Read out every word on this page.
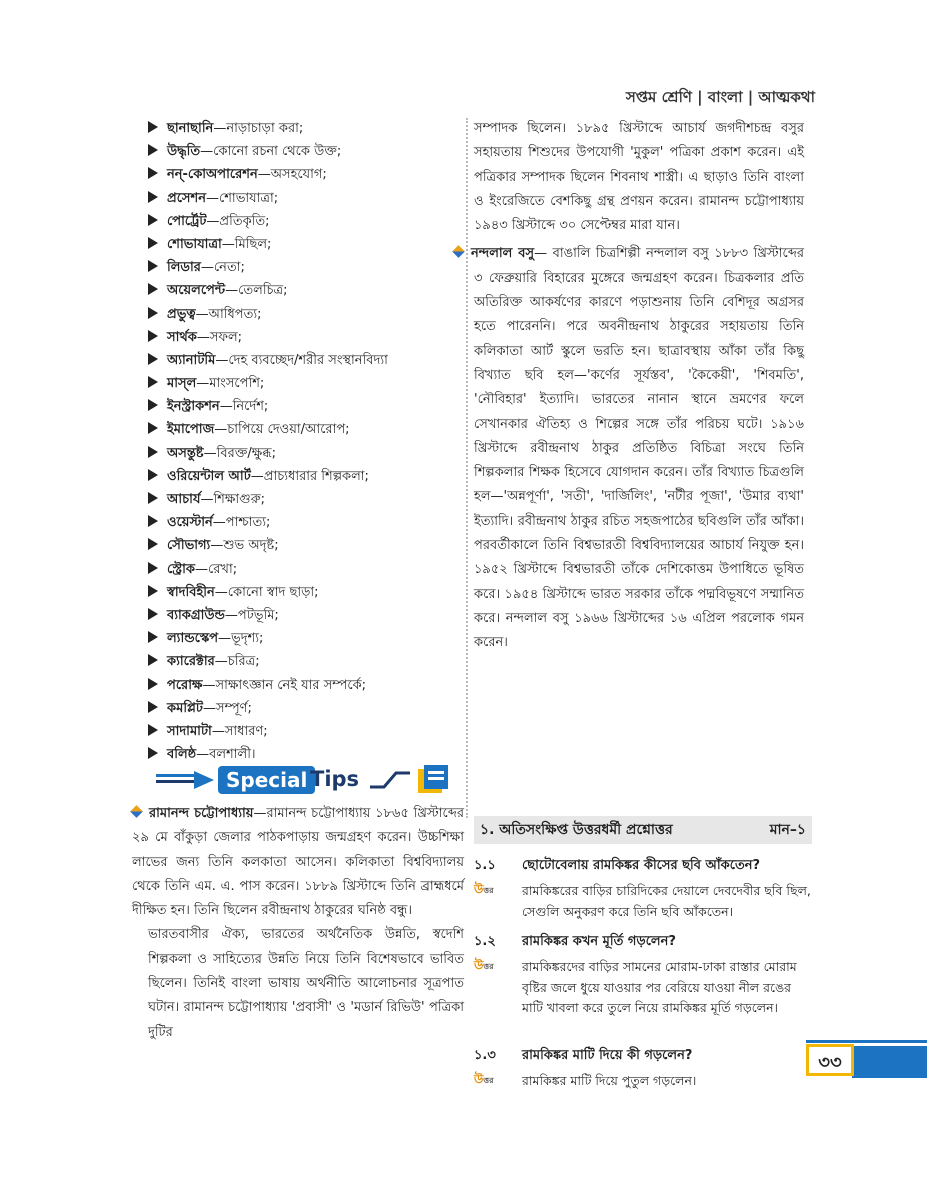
সপ্তম শ্রেণি | বাংলা | আত্মকথা
ছানাছানি—নাড়াচাড়া করা;
উদ্ধৃতি—কোনো রচনা থেকে উক্ত;
নন্-কোঅপারেশন—অসহযোগ;
প্রসেশন—শোভাযাত্রা;
পোর্ট্রেট—প্রতিকৃতি;
শোভাযাত্রা—মিছিল;
লিডার—নেতা;
অয়েলপেন্ট—তেলচিত্র;
প্রভুত্ব—আধিপত্য;
সার্থক—সফল;
অ্যানাটমি—দেহ ব্যবচ্ছেদ/শরীর সংস্থানবিদ্যা
মাস্‌ল—মাংসপেশি;
ইনস্ট্রাকশন—নির্দেশ;
ইমাপোজ—চাপিয়ে দেওয়া/আরোপ;
অসন্তুষ্ট—বিরক্ত/ক্ষুব্ধ;
ওরিয়েন্টাল আর্ট—প্রাচ্যধারার শিল্পকলা;
আচার্য—শিক্ষাগুরু;
ওয়েস্টার্ন—পাশ্চাত্য;
সৌভাগ্য—শুভ অদৃষ্ট;
স্ট্রোক—রেখা;
স্বাদবিহীন—কোনো স্বাদ ছাড়া;
ব্যাকগ্রাউন্ড—পটভূমি;
ল্যান্ডস্কেপ—ভূদৃশ্য;
ক্যারেক্টার—চরিত্র;
পরোক্ষ—সাক্ষাৎজ্ঞান নেই যার সম্পর্কে;
কমপ্লিট—সম্পূর্ণ;
সাদামাটা—সাধারণ;
বলিষ্ঠ—বলশালী।
Special Tips

রামানন্দ চট্টোপাধ্যায়—রামানন্দ চট্টোপাধ্যায় ১৮৬৫ খ্রিস্টাব্দের ২৯ মে বাঁকুড়া জেলার পাঠকপাড়ায় জন্মগ্রহণ করেন। উচ্চশিক্ষা লাভের জন্য তিনি কলকাতা আসেন। কলিকাতা বিশ্ববিদ্যালয় থেকে তিনি এম. এ. পাস করেন। ১৮৮৯ খ্রিস্টাব্দে তিনি ব্রাহ্মধর্মে দীক্ষিত হন। তিনি ছিলেন রবীন্দ্রনাথ ঠাকুরের ঘনিষ্ঠ বন্ধু।

ভারতবাসীর ঐক্য, ভারতের অর্থনৈতিক উন্নতি, স্বদেশি শিল্পকলা ও সাহিত্যের উন্নতি নিয়ে তিনি বিশেষভাবে ভাবিত ছিলেন। তিনিই বাংলা ভাষায় অর্থনীতি আলোচনার সূত্রপাত ঘটান। রামানন্দ চট্টোপাধ্যায় 'প্রবাসী' ও 'মডার্ন রিভিউ' পত্রিকা দুটির

সম্পাদক ছিলেন। ১৮৯৫ খ্রিস্টাব্দে আচার্য জগদীশচন্দ্র বসুর সহায়তায় শিশুদের উপযোগী 'মুকুল' পত্রিকা প্রকাশ করেন। এই পত্রিকার সম্পাদক ছিলেন শিবনাথ শাস্ত্রী। এ ছাড়াও তিনি বাংলা ও ইংরেজিতে বেশকিছু গ্রন্থ প্রণয়ন করেন। রামানন্দ চট্টোপাধ্যায় ১৯৪৩ খ্রিস্টাব্দে ৩০ সেপ্টেম্বর মারা যান।

নন্দলাল বসু— বাঙালি চিত্রশিল্পী নন্দলাল বসু ১৮৮৩ খ্রিস্টাব্দের ৩ ফেব্রুয়ারি বিহারের মুঙ্গেরে জন্মগ্রহণ করেন। চিত্রকলার প্রতি অতিরিক্ত আকর্ষণের কারণে পড়াশুনায় তিনি বেশিদূর অগ্রসর হতে পারেননি। পরে অবনীন্দ্রনাথ ঠাকুরের সহায়তায় তিনি কলিকাতা আর্ট স্কুলে ভরতি হন। ছাত্রাবস্থায় আঁকা তাঁর কিছু বিখ্যাত ছবি হল—'কর্ণের সূর্যস্তব', 'কৈকেয়ী', 'শিবমতি', 'নৌবিহার' ইত্যাদি। ভারতের নানান স্থানে ভ্রমণের ফলে সেখানকার ঐতিহ্য ও শিল্পের সঙ্গে তাঁর পরিচয় ঘটে। ১৯১৬ খ্রিস্টাব্দে রবীন্দ্রনাথ ঠাকুর প্রতিষ্ঠিত বিচিত্রা সংঘে তিনি শিল্পকলার শিক্ষক হিসেবে যোগদান করেন। তাঁর বিখ্যাত চিত্রগুলি হল—'অন্নপূর্ণা', 'সতী', 'দার্জিলিং', 'নটীর পূজা', 'উমার ব্যথা' ইত্যাদি। রবীন্দ্রনাথ ঠাকুর রচিত সহজপাঠের ছবিগুলি তাঁর আঁকা। পরবর্তীকালে তিনি বিশ্বভারতী বিশ্ববিদ্যালয়ের আচার্য নিযুক্ত হন। ১৯৫২ খ্রিস্টাব্দে বিশ্বভারতী তাঁকে দেশিকোত্তম উপাধিতে ভূষিত করে। ১৯৫৪ খ্রিস্টাব্দে ভারত সরকার তাঁকে পদ্মবিভূষণে সম্মানিত করে। নন্দলাল বসু ১৯৬৬ খ্রিস্টাব্দের ১৬ এপ্রিল পরলোক গমন করেন।

১. অতিসংক্ষিপ্ত উত্তরধর্মী প্রশ্নোত্তর	মান–১
১.১ ছোটোবেলায় রামকিঙ্কর কীসের ছবি আঁকতেন?
উত্তর	রামকিঙ্করের বাড়ির চারিদিকের দেয়ালে দেবদেবীর ছবি ছিল, সেগুলি অনুকরণ করে তিনি ছবি আঁকতেন।
১.২ রামকিঙ্কর কখন মূর্তি গড়লেন?
উত্তর	রামকিঙ্করদের বাড়ির সামনের মোরাম-ঢাকা রাস্তার মোরাম বৃষ্টির জলে ধুয়ে যাওয়ার পর বেরিয়ে যাওয়া নীল রঙের মাটি খাবলা করে তুলে নিয়ে রামকিঙ্কর মূর্তি গড়লেন।
১.৩ রামকিঙ্কর মাটি দিয়ে কী গড়লেন?
উত্তর	রামকিঙ্কর মাটি দিয়ে পুতুল গড়লেন।
৩৩
